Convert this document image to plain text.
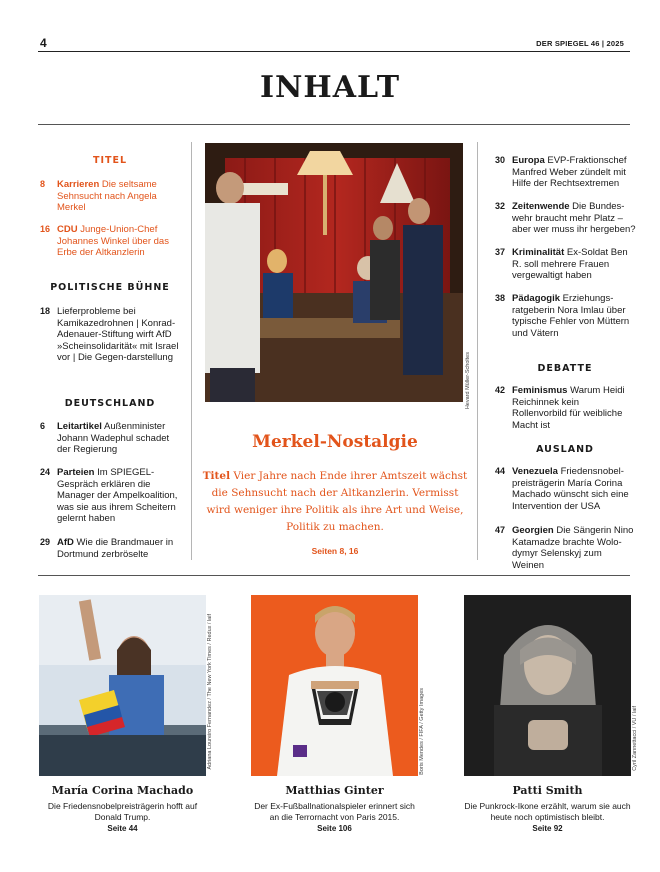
4	DER SPIEGEL 46 | 2025
INHALT
TITEL
8 Karrieren Die seltsame Sehnsucht nach Angela Merkel
16 CDU Junge-Union-Chef Johannes Winkel über das Erbe der Altkanzlerin
POLITISCHE BÜHNE
18 Lieferprobleme bei Kamikazedrohnen | Konrad-Adenauer-Stiftung wirft AfD »Scheinsolidarität« mit Israel vor | Die Gegen-darstellung
DEUTSCHLAND
6 Leitartikel Außenminister Johann Wadephul schadet der Regierung
24 Parteien Im SPIEGEL-Gespräch erklären die Manager der Ampelkoalition, was sie aus ihrem Scheitern gelernt haben
29 AfD Wie die Brandmauer in Dortmund zerbröselte
Hevard Müller-Scholtes
Merkel-Nostalgie
Titel Vier Jahre nach Ende ihrer Amtszeit wächst die Sehnsucht nach der Altkanzlerin. Vermisst wird weniger ihre Politik als ihre Art und Weise, Politik zu machen.
Seiten 8, 16
30 Europa EVP-Fraktionschef Manfred Weber zündelt mit Hilfe der Rechtsextremen
32 Zeitenwende Die Bundes-wehr braucht mehr Platz – aber wer muss ihr hergeben?
37 Kriminalität Ex-Soldat Ben R. soll mehrere Frauen vergewaltigt haben
38 Pädagogik Erziehungs-ratgeberin Nora Imlau über typische Fehler von Müttern und Vätern
DEBATTE
42 Feminismus Warum Heidi Reichinnek kein Rollenvorbild für weibliche Macht ist
AUSLAND
44 Venezuela Friedensnobel-preisträgerin María Corina Machado wünscht sich eine Intervention der USA
47 Georgien Die Sängerin Nino Katamadze brachte Wolo-dymyr Selenskyj zum Weinen
Adriana Loureiro Fernandez / The New York Times / Redux / laif	Boris Mendes / FIFA / Getty Images	Cyril Zannettacci / VU / laif
María Corina Machado
Die Friedensnobelpreisträgerin hofft auf Donald Trump.
Seite 44
Matthias Ginter
Der Ex-Fußballnationalspieler erinnert sich an die Terrornacht von Paris 2015.
Seite 106
Patti Smith
Die Punkrock-Ikone erzählt, warum sie auch heute noch optimistisch bleibt.
Seite 92
